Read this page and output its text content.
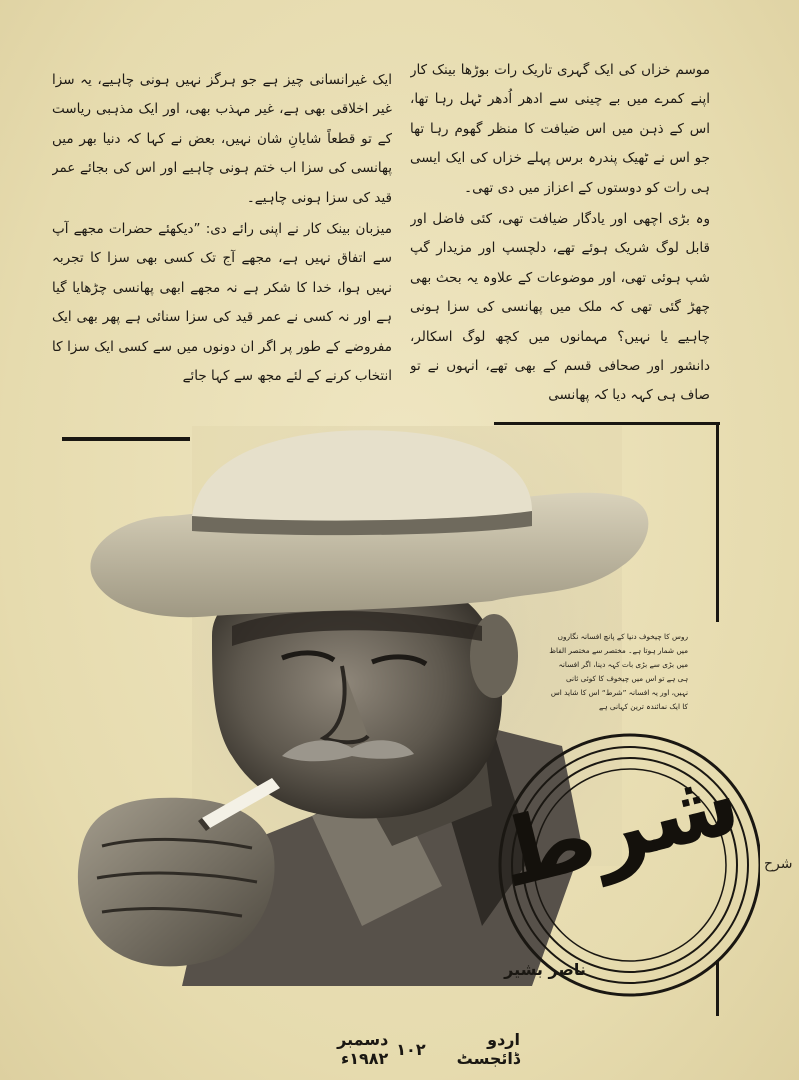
موسم خزاں کی ایک گہری تاریک رات بوڑھا بینک کار اپنے کمرے میں بے چینی سے ادھر اُدھر ٹہل رہا تھا، اس کے ذہن میں اس ضیافت کا منظر گھوم رہا تھا جو اس نے ٹھیک پندرہ برس پہلے خزاں کی ایک ایسی ہی رات کو دوستوں کے اعزاز میں دی تھی۔

وہ بڑی اچھی اور یادگار ضیافت تھی، کئی فاضل اور قابل لوگ شریک ہوئے تھے، دلچسپ اور مزیدار گپ شپ ہوئی تھی، اور موضوعات کے علاوہ یہ بحث بھی چھڑ گئی تھی کہ ملک میں پھانسی کی سزا ہونی چاہیے یا نہیں؟ مہمانوں میں کچھ لوگ اسکالر، دانشور اور صحافی قسم کے بھی تھے، انہوں نے تو صاف ہی کہہ دیا کہ پھانسی

ایک غیرانسانی چیز ہے جو ہرگز نہیں ہونی چاہیے، یہ سزا غیر اخلاقی بھی ہے، غیر مہذب بھی، اور ایک مذہبی ریاست کے تو قطعاً شایانِ شان نہیں، بعض نے کہا کہ دنیا بھر میں پھانسی کی سزا اب ختم ہونی چاہیے اور اس کی بجائے عمر قید کی سزا ہونی چاہیے۔

میزبان بینک کار نے اپنی رائے دی: ”دیکھئے حضرات مجھے آپ سے اتفاق نہیں ہے، مجھے آج تک کسی بھی سزا کا تجربہ نہیں ہوا، خدا کا شکر ہے نہ مجھے ابھی پھانسی چڑھایا گیا ہے اور نہ کسی نے عمر قید کی سزا سنائی ہے پھر بھی ایک مفروضے کے طور پر اگر ان دونوں میں سے کسی ایک سزا کا انتخاب کرنے کے لئے مجھ سے کہا جائے

روس کا چیخوف دنیا کے پانچ افسانہ نگاروں میں شمار ہوتا ہے۔ مختصر سے مختصر الفاظ میں بڑی سے بڑی بات کہہ دینا، اگر افسانہ ہی ہے تو اس میں چیخوف کا کوئی ثانی نہیں، اور یہ افسانہ ”شرط“ اس کا شاید اس کا ایک نمائندہ ترین کہانی ہے
شرط
ناصر بشیر
اردو ڈائجسٹ
۱۰۲
دسمبر ۱۹۸۲ء
شرح
